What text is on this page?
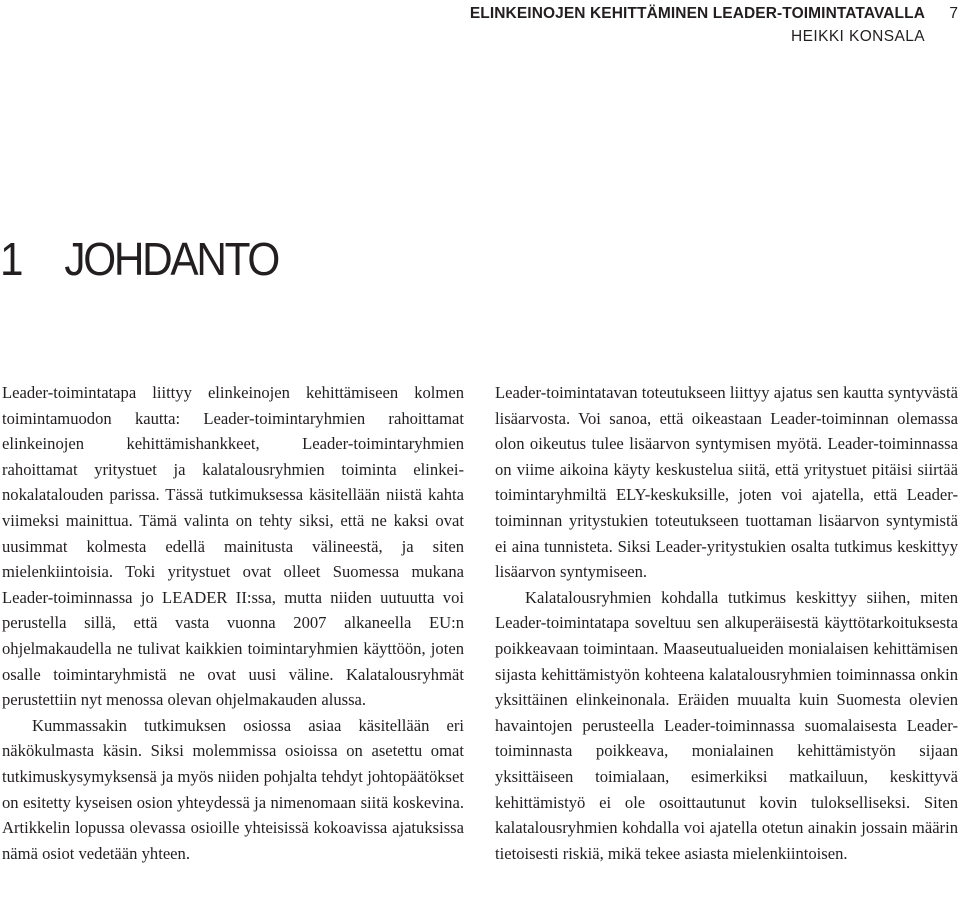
ELINKEINOJEN KEHITTÄMINEN LEADER-TOIMINTATAVALLA
HEIKKI KONSALA
7
1 JOHDANTO

Leader-toimintatapa liittyy elinkeinojen kehittämiseen kolmen toimintamuodon kautta: Leader-toimintaryhmien rahoittamat elinkeinojen kehittämishankkeet, Leader-toimintaryhmien rahoittamat yritystuet ja kalatalousryhmien toiminta elinkeinokalatalouden parissa. Tässä tutkimuksessa käsitellään niistä kahta viimeksi mainittua. Tämä valinta on tehty siksi, että ne kaksi ovat uusimmat kolmesta edellä mainitusta välineestä, ja siten mielenkiintoisia. Toki yritystuet ovat olleet Suomessa mukana Leader-toiminnassa jo LEADER II:ssa, mutta niiden uutuutta voi perustella sillä, että vasta vuonna 2007 alkaneella EU:n ohjelmakaudella ne tulivat kaikkien toimintaryhmien käyttöön, joten osalle toimintaryhmistä ne ovat uusi väline. Kalatalousryhmät perustettiin nyt menossa olevan ohjelmakauden alussa.

Kummassakin tutkimuksen osiossa asiaa käsitellään eri näkökulmasta käsin. Siksi molemmissa osioissa on asetettu omat tutkimuskysymyksensä ja myös niiden pohjalta tehdyt johtopäätökset on esitetty kyseisen osion yhteydessä ja nimenomaan siitä koskevina. Artikkelin lopussa olevassa osioille yhteisissä kokoavissa ajatuksissa nämä osiot vedetään yhteen.

Leader-toimintatavan toteutukseen liittyy ajatus sen kautta syntyvästä lisäarvosta. Voi sanoa, että oikeastaan Leader-toiminnan olemassa olon oikeutus tulee lisäarvon syntymisen myötä. Leader-toiminnassa on viime aikoina käyty keskustelua siitä, että yritystuet pitäisi siirtää toimintaryhmiltä ELY-keskuksille, joten voi ajatella, että Leader-toiminnan yritystukien toteutukseen tuottaman lisäarvon syntymistä ei aina tunnisteta. Siksi Leader-yritystukien osalta tutkimus keskittyy lisäarvon syntymiseen.

Kalatalousryhmien kohdalla tutkimus keskittyy siihen, miten Leader-toimintatapa soveltuu sen alkuperäisestä käyttötarkoituksesta poikkeavaan toimintaan. Maaseutualueiden monialaisen kehittämisen sijasta kehittämistyön kohteena kalatalousryhmien toiminnassa onkin yksittäinen elinkeinonala. Eräiden muualta kuin Suomesta olevien havaintojen perusteella Leader-toiminnassa suomalaisesta Leader-toiminnasta poikkeava, monialainen kehittämistyön sijaan yksittäiseen toimialaan, esimerkiksi matkailuun, keskittyvä kehittämistyö ei ole osoittautunut kovin tulokselliseksi. Siten kalatalousryhmien kohdalla voi ajatella otetun ainakin jossain määrin tietoisesti riskiä, mikä tekee asiasta mielenkiintoisen.
